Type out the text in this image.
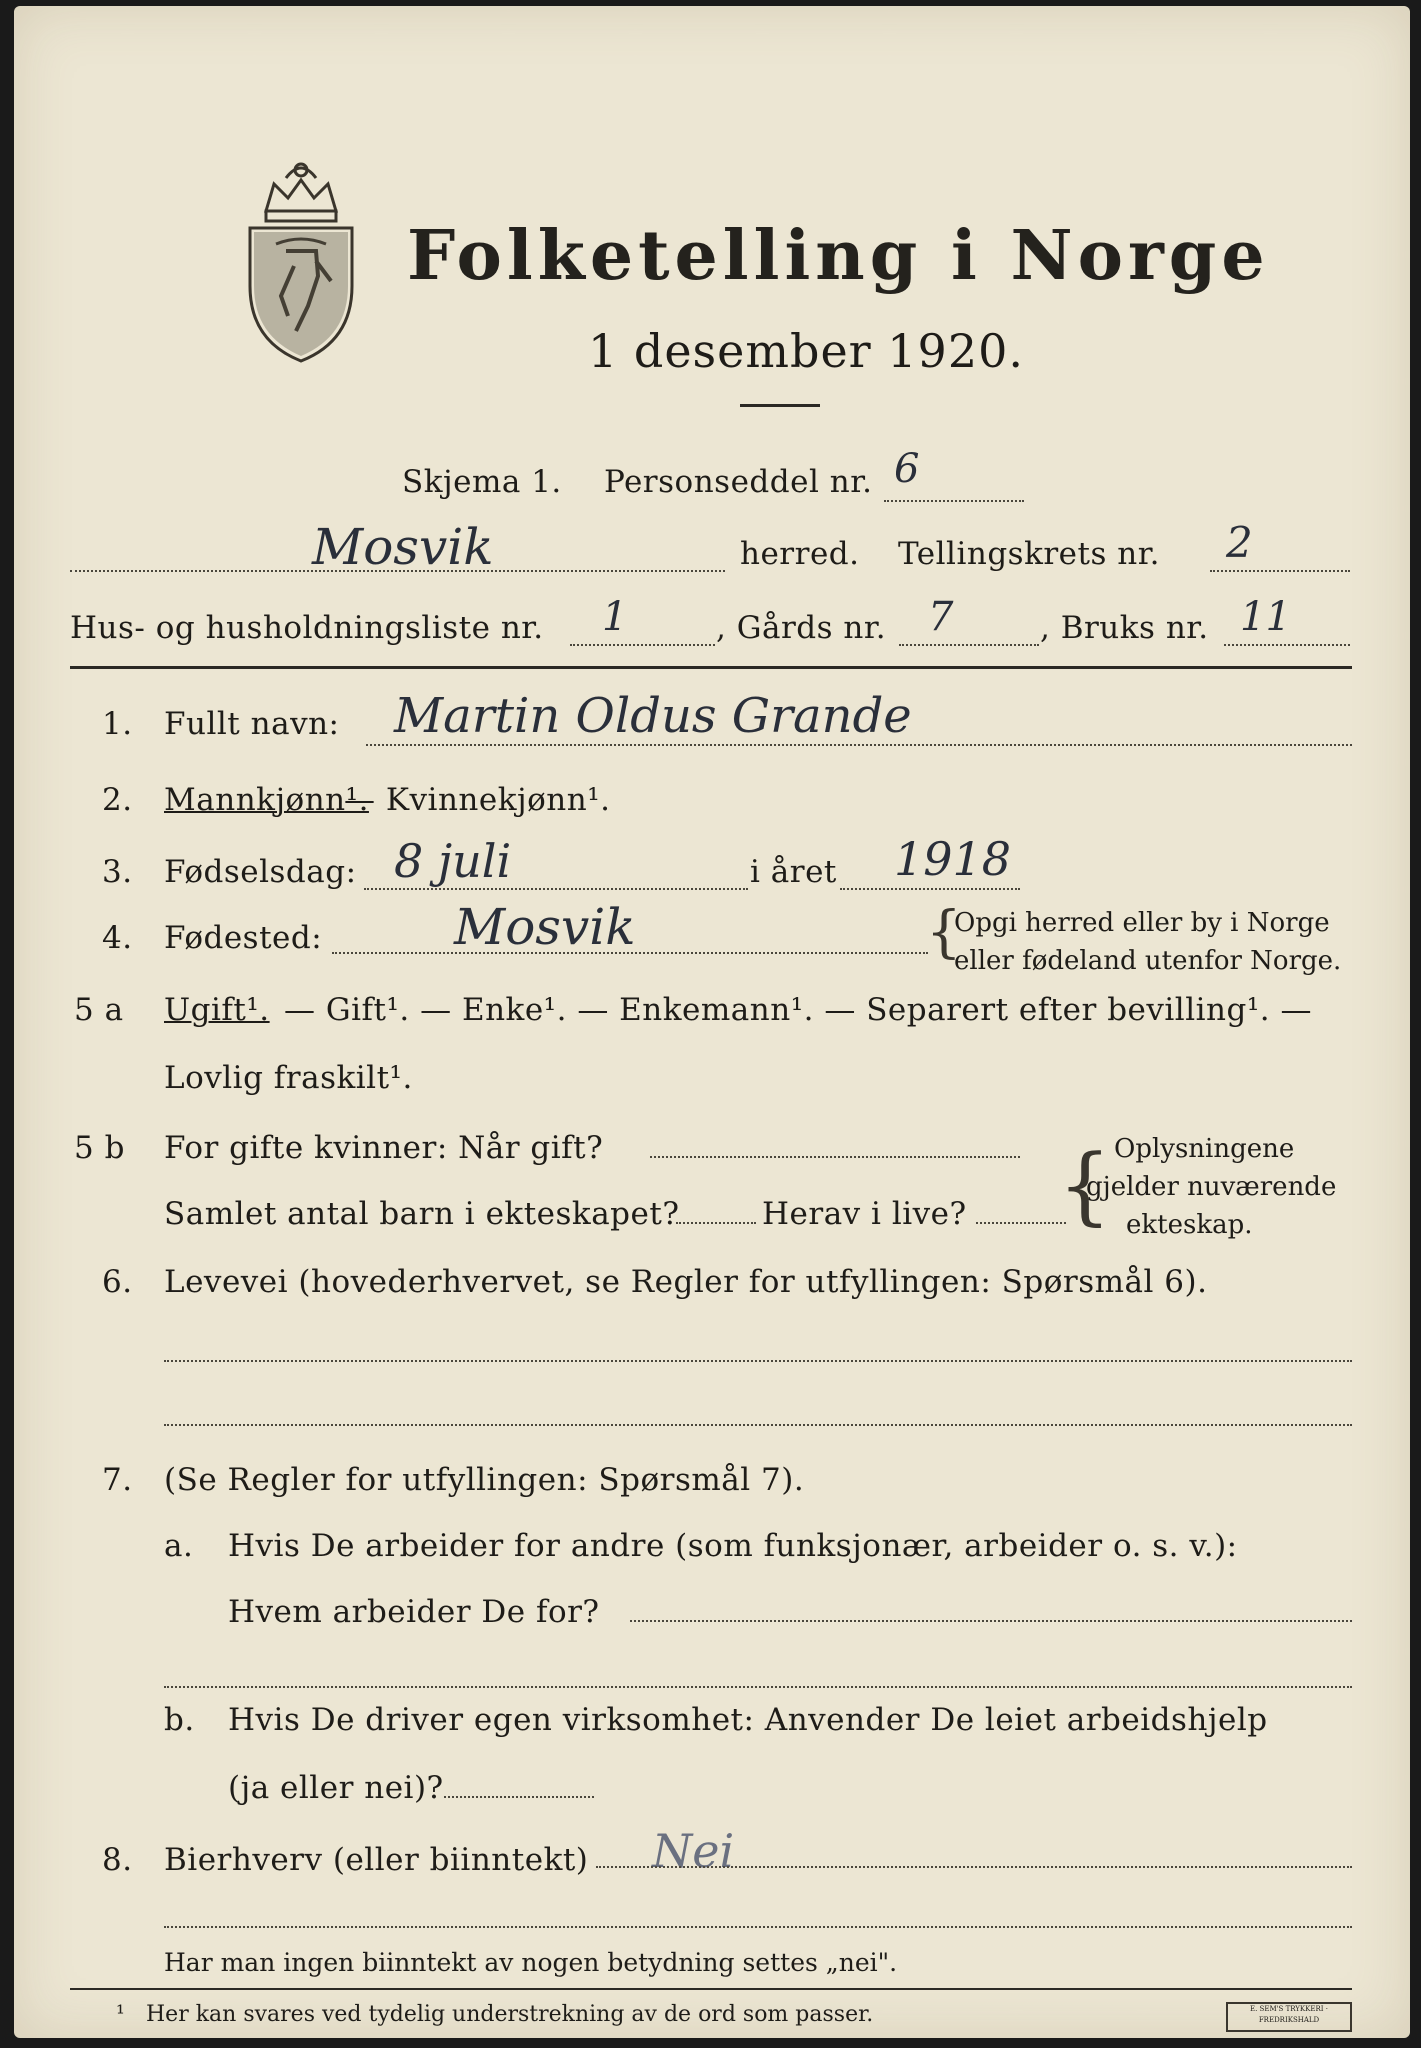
Folketelling i Norge
1 desember 1920.
Skjema 1. Personseddel nr. 6
Mosvik	herred. Tellingskrets nr. 2
Hus- og husholdningsliste nr. 1	, Gårds nr. 7	, Bruks nr. 11
1. Fullt navn: Martin Oldus Grande
2. Mannkjønn¹.
— Kvinnekjønn¹.
3. Fødselsdag: 8 juli	i året 1918
4. Fødested:	Mosvik	{
Opgi herred eller by i Norge
eller fødeland utenfor Norge.
5 a Ugift¹. — Gift¹. — Enke¹. — Enkemann¹. — Separert efter bevilling¹. —
Lovlig fraskilt¹.
5 b For gifte kvinner: Når gift?
Samlet antal barn i ekteskapet?	Herav i live? { Oplysningene
gjelder nuværende
ekteskap.
6. Levevei (hovederhvervet, se Regler for utfyllingen: Spørsmål 6).
7. (Se Regler for utfyllingen: Spørsmål 7).
a. Hvis De arbeider for andre (som funksjonær, arbeider o. s. v.):
Hvem arbeider De for?
b. Hvis De driver egen virksomhet: Anvender De leiet arbeidshjelp
(ja eller nei)?
8. Bierhverv (eller biinntekt) Nei
Har man ingen biinntekt av nogen betydning settes „nei".
¹ Her kan svares ved tydelig understrekning av de ord som passer.	E. SEM'S TRYKKERI · FREDRIKSHALD
